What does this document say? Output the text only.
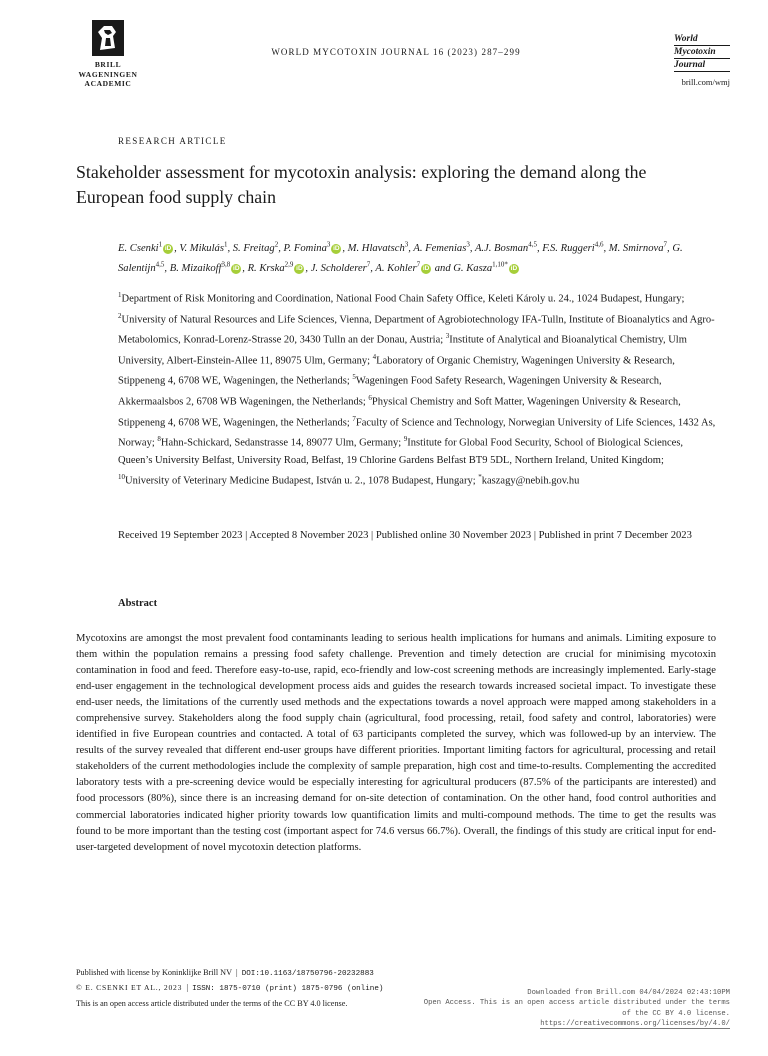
BRILL
WAGENINGEN
ACADEMIC
WORLD MYCOTOXIN JOURNAL 16 (2023) 287–299
World
Mycotoxin
Journal
brill.com/wmj
RESEARCH ARTICLE
Stakeholder assessment for mycotoxin analysis: exploring the demand along the European food supply chain
E. Csenki$^1$iD , V. Mikulás$^1$, S. Freitag$^2$, P. Fomina$^3$iD , M. Hlavatsch$^3$, A. Femenias$^3$, A.J. Bosman$^{4,5}$, F.S. Ruggeri$^{4,6}$, M. Smirnova$^7$, G. Salentijn$^{4,5}$, B. Mizaikoff$^{3,8}$iD , R. Krska$^{2,9}$iD , J. Scholderer$^7$, A. Kohler$^7$iD and G. Kasza$^{1,10*}$iD
$^1$Department of Risk Monitoring and Coordination, National Food Chain Safety Office, Keleti Károly u. 24., 1024 Budapest, Hungary; $^2$University of Natural Resources and Life Sciences, Vienna, Department of Agrobiotechnology IFA-Tulln, Institute of Bioanalytics and Agro-Metabolomics, Konrad-Lorenz-Strasse 20, 3430 Tulln an der Donau, Austria; $^3$Institute of Analytical and Bioanalytical Chemistry, Ulm University, Albert-Einstein-Allee 11, 89075 Ulm, Germany; $^4$Laboratory of Organic Chemistry, Wageningen University & Research, Stippeneng 4, 6708 WE, Wageningen, the Netherlands; $^5$Wageningen Food Safety Research, Wageningen University & Research, Akkermaalsbos 2, 6708 WB Wageningen, the Netherlands; $^6$Physical Chemistry and Soft Matter, Wageningen University & Research, Stippeneng 4, 6708 WE, Wageningen, the Netherlands; $^7$Faculty of Science and Technology, Norwegian University of Life Sciences, 1432 As, Norway; $^8$Hahn-Schickard, Sedanstrasse 14, 89077 Ulm, Germany; $^9$Institute for Global Food Security, School of Biological Sciences, Queen’s University Belfast, University Road, Belfast, 19 Chlorine Gardens Belfast BT9 5DL, Northern Ireland, United Kingdom; $^{10}$University of Veterinary Medicine Budapest, István u. 2., 1078 Budapest, Hungary; *kaszagy@nebih.gov.hu
Received 19 September 2023 | Accepted 8 November 2023 | Published online 30 November 2023 | Published in print 7 December 2023
Abstract

Mycotoxins are amongst the most prevalent food contaminants leading to serious health implications for humans and animals. Limiting exposure to them within the population remains a pressing food safety challenge. Prevention and timely detection are crucial for minimising mycotoxin contamination in food and feed. Therefore easy-to-use, rapid, eco-friendly and low-cost screening methods are increasingly implemented. Early-stage end-user engagement in the technological development process aids and guides the research towards increased societal impact. To investigate these end-user needs, the limitations of the currently used methods and the expectations towards a novel approach were mapped among stakeholders in a comprehensive survey. Stakeholders along the food supply chain (agricultural, food processing, retail, food safety and control, laboratories) were identified in five European countries and contacted. A total of 63 participants completed the survey, which was followed-up by an interview. The results of the survey revealed that different end-user groups have different priorities. Important limiting factors for agricultural, processing and retail stakeholders of the current methodologies include the complexity of sample preparation, high cost and time-to-results. Complementing the accredited laboratory tests with a pre-screening device would be especially interesting for agricultural producers (87.5% of the participants are interested) and food processors (80%), since there is an increasing demand for on-site detection of contamination. On the other hand, food control authorities and commercial laboratories indicated higher priority towards low quantification limits and multi-compound methods. The time to get the results was found to be more important than the testing cost (important aspect for 74.6 versus 66.7%). Overall, the findings of this study are critical input for end-user-targeted development of novel mycotoxin detection platforms.

Published with license by Koninklijke Brill NV  |  DOI:10.1163/18750796-20232883
© E. CSENKI ET AL., 2023  |  ISSN: 1875-0710 (print) 1875-0796 (online)
This is an open access article distributed under the terms of the CC BY 4.0 license.
Downloaded from Brill.com 04/04/2024 02:43:10PM
Open Access. This is an open access article distributed under the terms
of the CC BY 4.0 license.
https://creativecommons.org/licenses/by/4.0/
